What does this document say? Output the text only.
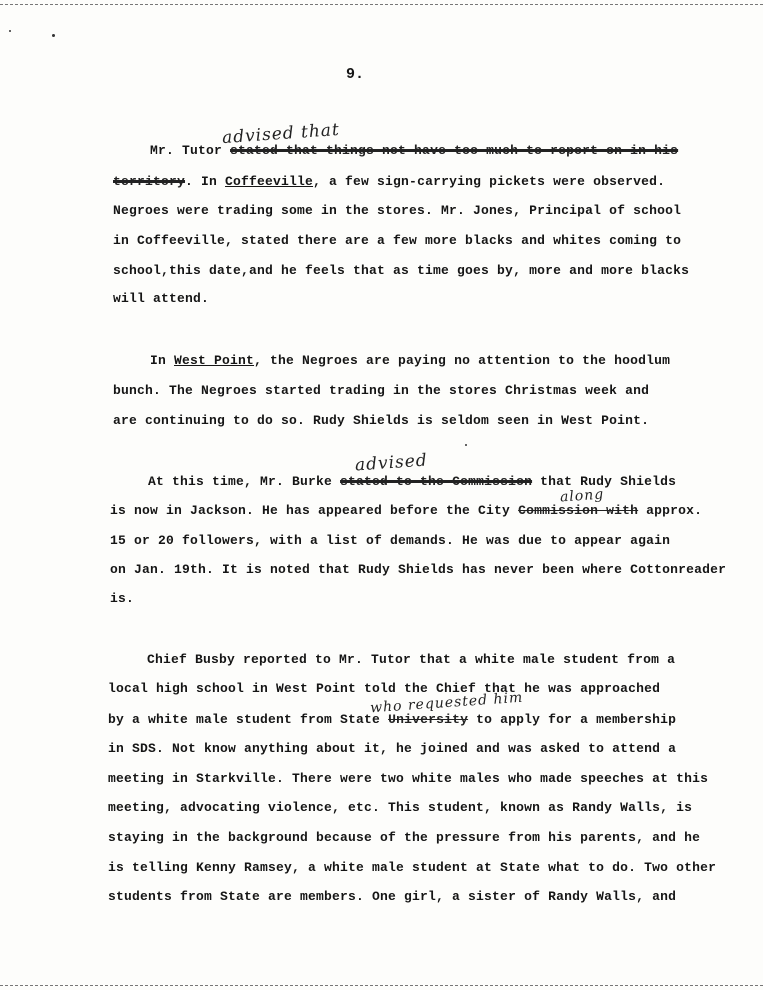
9.
advised that
Mr. Tutor stated that things not have too much to report on in his
territory. In Coffeeville, a few sign-carrying pickets were observed.
Negroes were trading some in the stores. Mr. Jones, Principal of school
in Coffeeville, stated there are a few more blacks and whites coming to
school,this date,and he feels that as time goes by, more and more blacks
will attend.
In West Point, the Negroes are paying no attention to the hoodlum
bunch. The Negroes started trading in the stores Christmas week and
are continuing to do so. Rudy Shields is seldom seen in West Point.
advised
At this time, Mr. Burke stated to the Commission that Rudy Shields
along
is now in Jackson. He has appeared before the City Commission with approx.
15 or 20 followers, with a list of demands. He was due to appear again
on Jan. 19th. It is noted that Rudy Shields has never been where Cottonreader
is.
Chief Busby reported to Mr. Tutor that a white male student from a
local high school in West Point told the Chief that he was approached
who requested him
by a white male student from State University to apply for a membership
in SDS. Not know anything about it, he joined and was asked to attend a
meeting in Starkville. There were two white males who made speeches at this
meeting, advocating violence, etc. This student, known as Randy Walls, is
staying in the background because of the pressure from his parents, and he
is telling Kenny Ramsey, a white male student at State what to do. Two other
students from State are members. One girl, a sister of Randy Walls, and
